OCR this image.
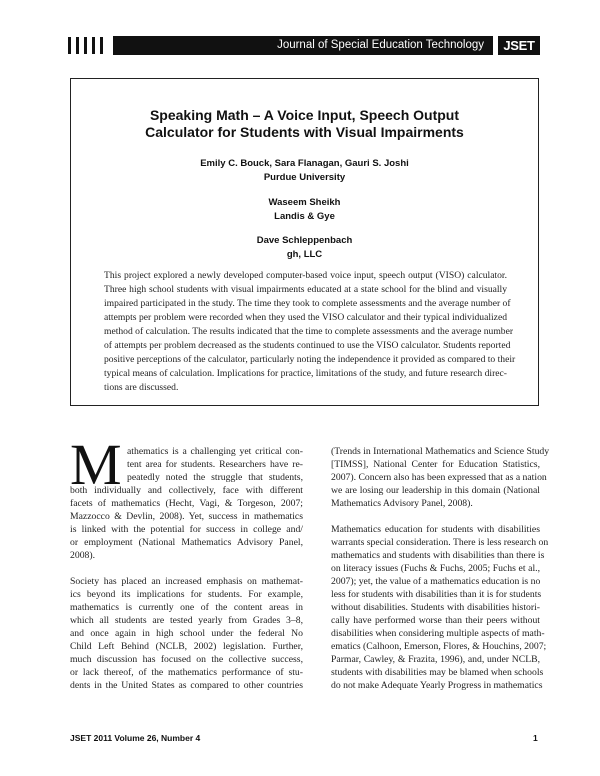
Journal of Special Education Technology	JSET
Speaking Math – A Voice Input, Speech Output
Calculator for Students with Visual Impairments
Emily C. Bouck, Sara Flanagan, Gauri S. Joshi
Purdue University
Waseem Sheikh
Landis & Gye
Dave Schleppenbach
gh, LLC
This project explored a newly developed computer-based voice input, speech output (VISO) calculator.
Three high school students with visual impairments educated at a state school for the blind and visually
impaired participated in the study. The time they took to complete assessments and the average number of
attempts per problem were recorded when they used the VISO calculator and their typical individualized
method of calculation. The results indicated that the time to complete assessments and the average number
of attempts per problem decreased as the students continued to use the VISO calculator. Students reported
positive perceptions of the calculator, particularly noting the independence it provided as compared to their
typical means of calculation. Implications for practice, limitations of the study, and future research direc-
tions are discussed.
M athematics is a challenging yet critical con-
tent area for students. Researchers have re-
peatedly noted the struggle that students,
both individually and collectively, face with different
facets of mathematics (Hecht, Vagi, & Torgeson, 2007;
Mazzocco & Devlin, 2008). Yet, success in mathematics
is linked with the potential for success in college and/
or employment (National Mathematics Advisory Panel,
2008).
Society has placed an increased emphasis on mathemat-
ics beyond its implications for students. For example,
mathematics is currently one of the content areas in
which all students are tested yearly from Grades 3–8,
and once again in high school under the federal No
Child Left Behind (NCLB, 2002) legislation. Further,
much discussion has focused on the collective success,
or lack thereof, of the mathematics performance of stu-
dents in the United States as compared to other countries
(Trends in International Mathematics and Science Study
[TIMSS], National Center for Education Statistics,
2007). Concern also has been expressed that as a nation
we are losing our leadership in this domain (National
Mathematics Advisory Panel, 2008).
Mathematics education for students with disabilities
warrants special consideration. There is less research on
mathematics and students with disabilities than there is
on literacy issues (Fuchs & Fuchs, 2005; Fuchs et al.,
2007); yet, the value of a mathematics education is no
less for students with disabilities than it is for students
without disabilities. Students with disabilities histori-
cally have performed worse than their peers without
disabilities when considering multiple aspects of math-
ematics (Calhoon, Emerson, Flores, & Houchins, 2007;
Parmar, Cawley, & Frazita, 1996), and, under NCLB,
students with disabilities may be blamed when schools
do not make Adequate Yearly Progress in mathematics
JSET 2011 Volume 26, Number 4	1
